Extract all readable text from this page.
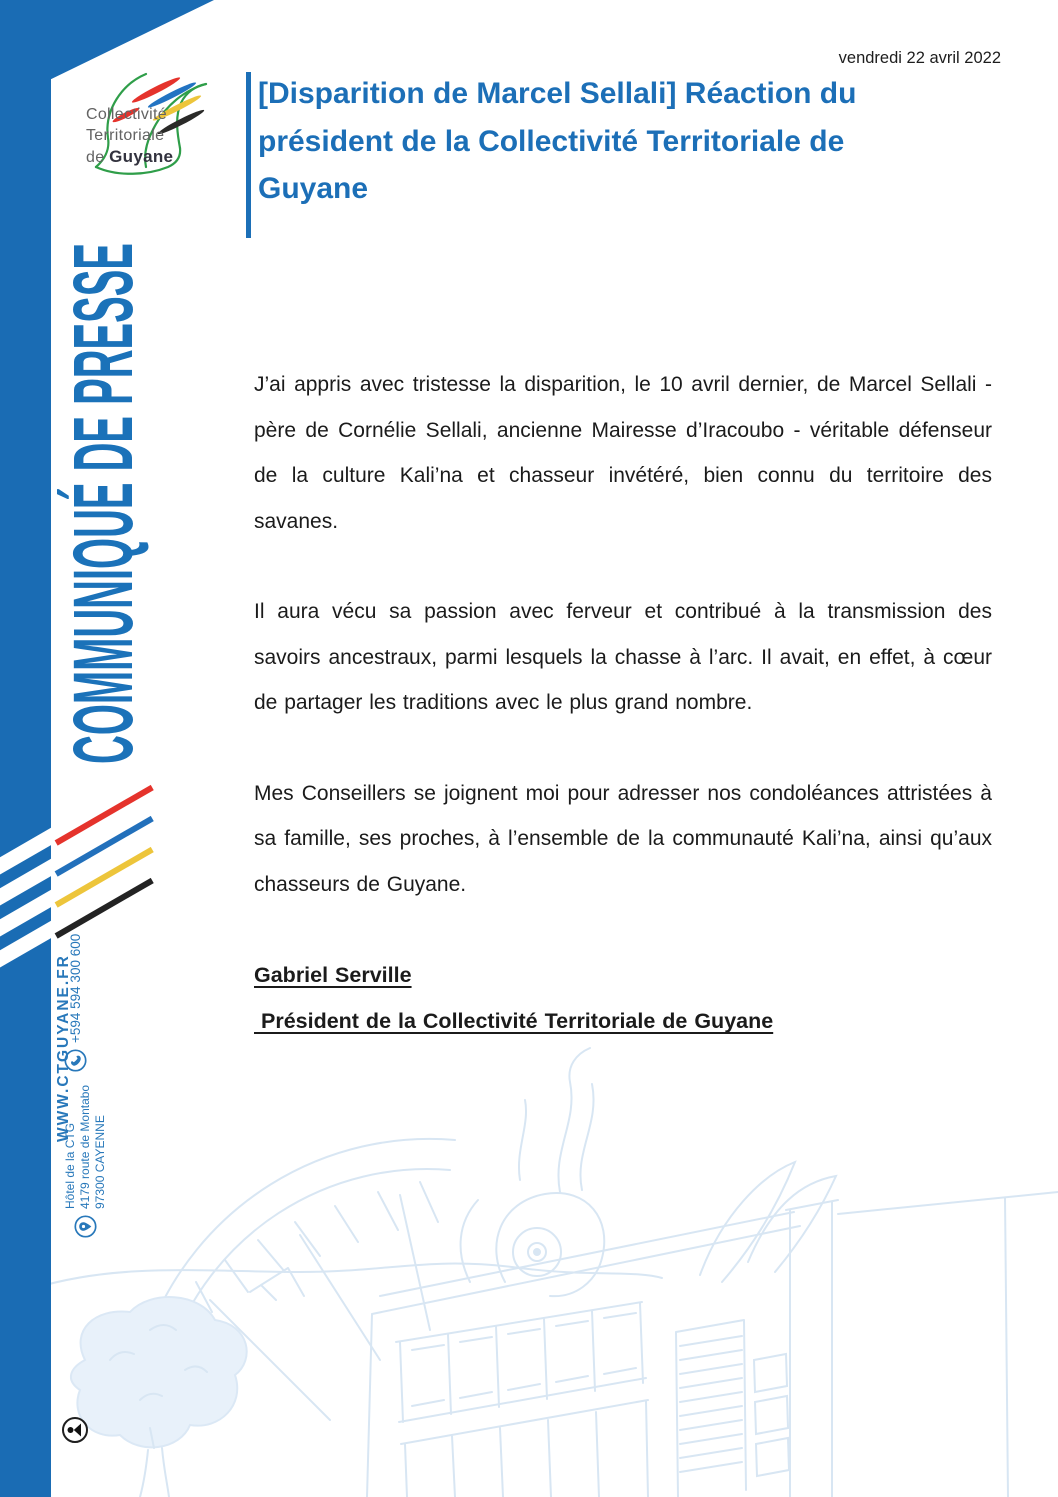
Collectivité
Territoriale
de Guyane
COMMUNIQUÉ DE PRESSE
vendredi 22 avril 2022
[Disparition de Marcel Sellali] Réaction du président de la Collectivité Territoriale de Guyane

J’ai appris avec tristesse la disparition, le 10 avril dernier, de Marcel Sellali - père de Cornélie Sellali, ancienne Mairesse d’Iracoubo - véritable défenseur de la culture Kali’na et chasseur invétéré, bien connu du territoire des savanes.

Il aura vécu sa passion avec ferveur et contribué à la transmission des savoirs ancestraux, parmi lesquels la chasse à l’arc. Il avait, en effet, à cœur de partager les traditions avec le plus grand nombre.

Mes Conseillers se joignent moi pour adresser nos condoléances attristées à sa famille, ses proches, à l’ensemble de la communauté Kali’na, ainsi qu’aux chasseurs de Guyane.

Gabriel Serville
Président de la Collectivité Territoriale de Guyane
WWW.CTGUYANE.FR
+594 594 300 600
Hôtel de la CTG 4179 route de Montabo 97300 CAYENNE
